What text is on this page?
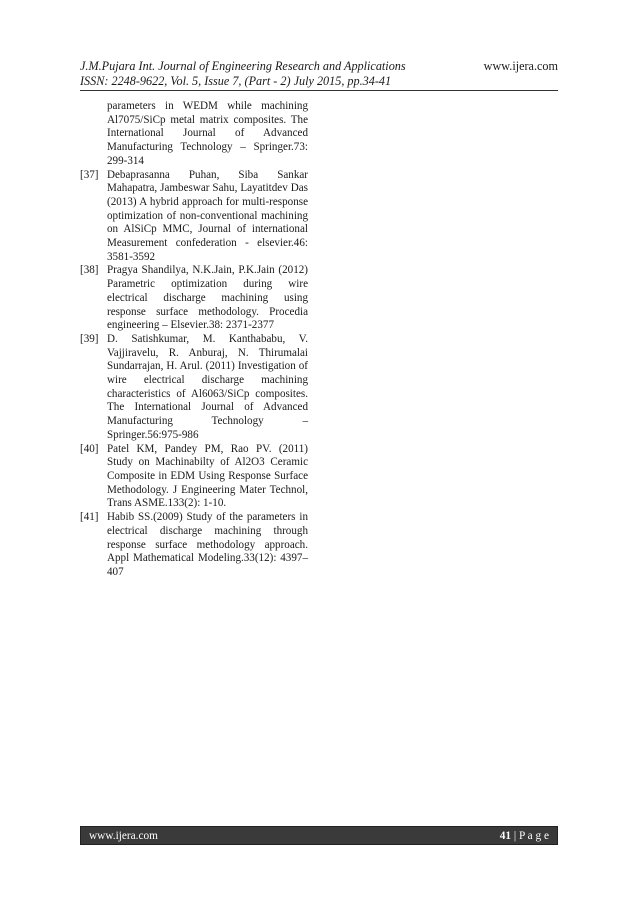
J.M.Pujara Int. Journal of Engineering Research and Applications	www.ijera.com
ISSN: 2248-9622, Vol. 5, Issue 7, (Part - 2) July 2015, pp.34-41
parameters in WEDM while machining Al7075/SiCp metal matrix composites. The International Journal of Advanced Manufacturing Technology – Springer.73: 299-314
[37] Debaprasanna Puhan, Siba Sankar Mahapatra, Jambeswar Sahu, Layatitdev Das (2013) A hybrid approach for multi-response optimization of non-conventional machining on AlSiCp MMC, Journal of international Measurement confederation - elsevier.46: 3581-3592
[38] Pragya Shandilya, N.K.Jain, P.K.Jain (2012) Parametric optimization during wire electrical discharge machining using response surface methodology. Procedia engineering – Elsevier.38: 2371-2377
[39] D. Satishkumar, M. Kanthababu, V. Vajjiravelu, R. Anburaj, N. Thirumalai Sundarrajan, H. Arul. (2011) Investigation of wire electrical discharge machining characteristics of Al6063/SiCp composites. The International Journal of Advanced Manufacturing Technology – Springer.56:975-986
[40] Patel KM, Pandey PM, Rao PV. (2011) Study on Machinabilty of Al2O3 Ceramic Composite in EDM Using Response Surface Methodology. J Engineering Mater Technol, Trans ASME.133(2): 1-10.
[41] Habib SS.(2009) Study of the parameters in electrical discharge machining through response surface methodology approach. Appl Mathematical Modeling.33(12): 4397–407
www.ijera.com	41 | P a g e
